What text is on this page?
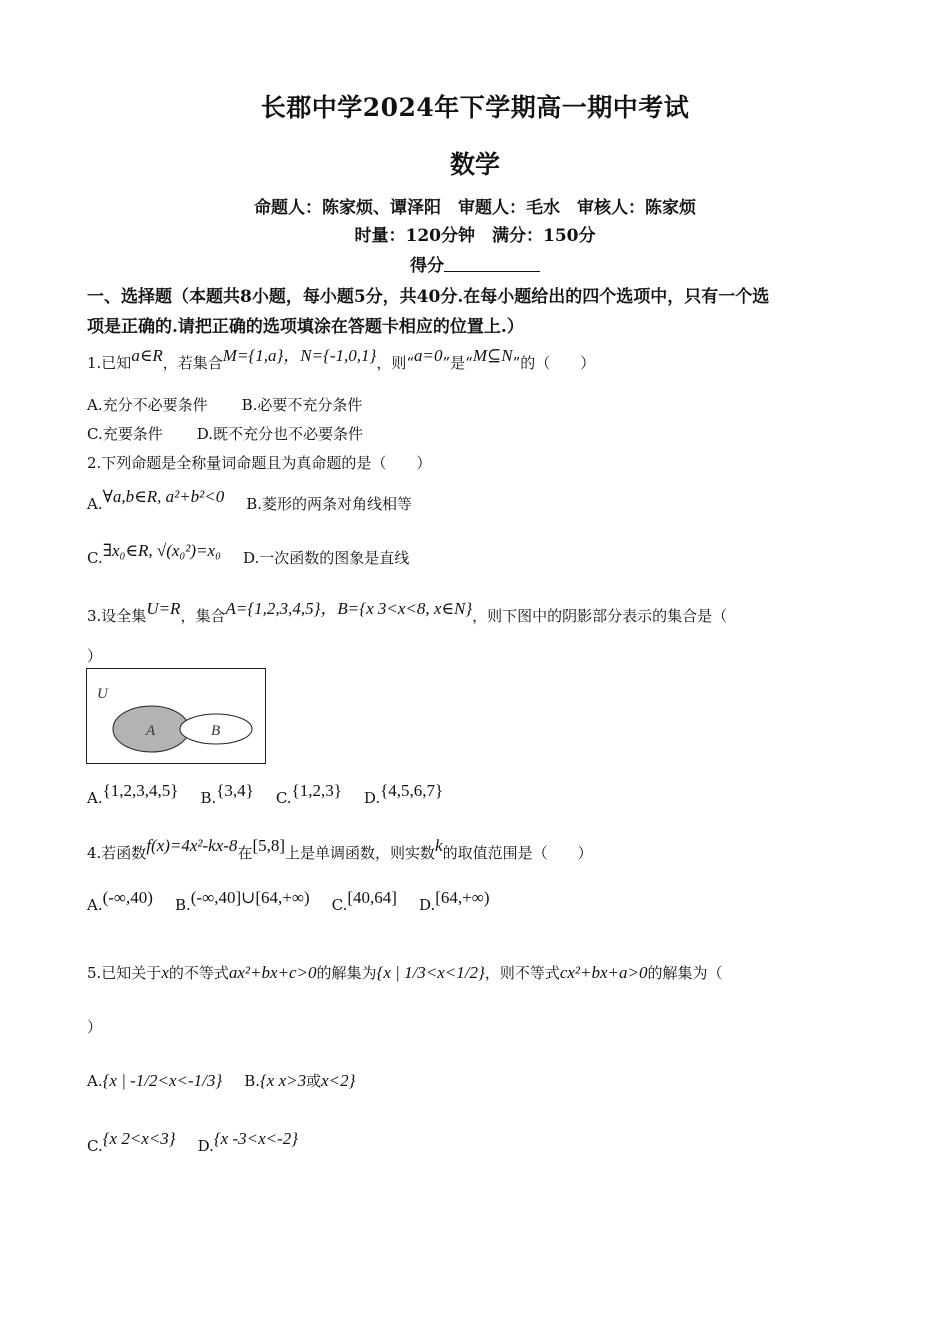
长郡中学2024年下学期高一期中考试
数学
命题人：陈家烦、谭泽阳　审题人：毛水　审核人：陈家烦
时量：120分钟　满分：150分
得分
一、选择题（本题共8小题，每小题5分，共40分.在每小题给出的四个选项中，只有一个选
项是正确的.请把正确的选项填涂在答题卡相应的位置上.）
1.已知a∈R，若集合M={1,a}，N={-1,0,1}，则“a=0”是“M⊆N”的（　　）
A.充分不必要条件 B.必要不充分条件
C.充要条件 D.既不充分也不必要条件
2.下列命题是全称量词命题且为真命题的是（　　）
A.∀a,b∈R, a²+b²<0 B.菱形的两条对角线相等
C.∃x₀∈R, √(x₀²)=x₀ D.一次函数的图象是直线
3.设全集U=R，集合A={1,2,3,4,5}，B={x 3<x<8, x∈N}，则下图中的阴影部分表示的集合是（
）
U
A	B
A.{1,2,3,4,5} B.{3,4} C.{1,2,3} D.{4,5,6,7}
4.若函数f(x)=4x²-kx-8在[5,8]上是单调函数，则实数k的取值范围是（　　）
A.(-∞,40) B.(-∞,40]∪[64,+∞) C.[40,64] D.[64,+∞)
5.已知关于x的不等式ax²+bx+c>0的解集为{x | 1/3<x<1/2}，则不等式cx²+bx+a>0的解集为（
）
A.{x | -1/2<x<-1/3} B.{x x>3或x<2}
C.{x 2<x<3} D.{x -3<x<-2}
